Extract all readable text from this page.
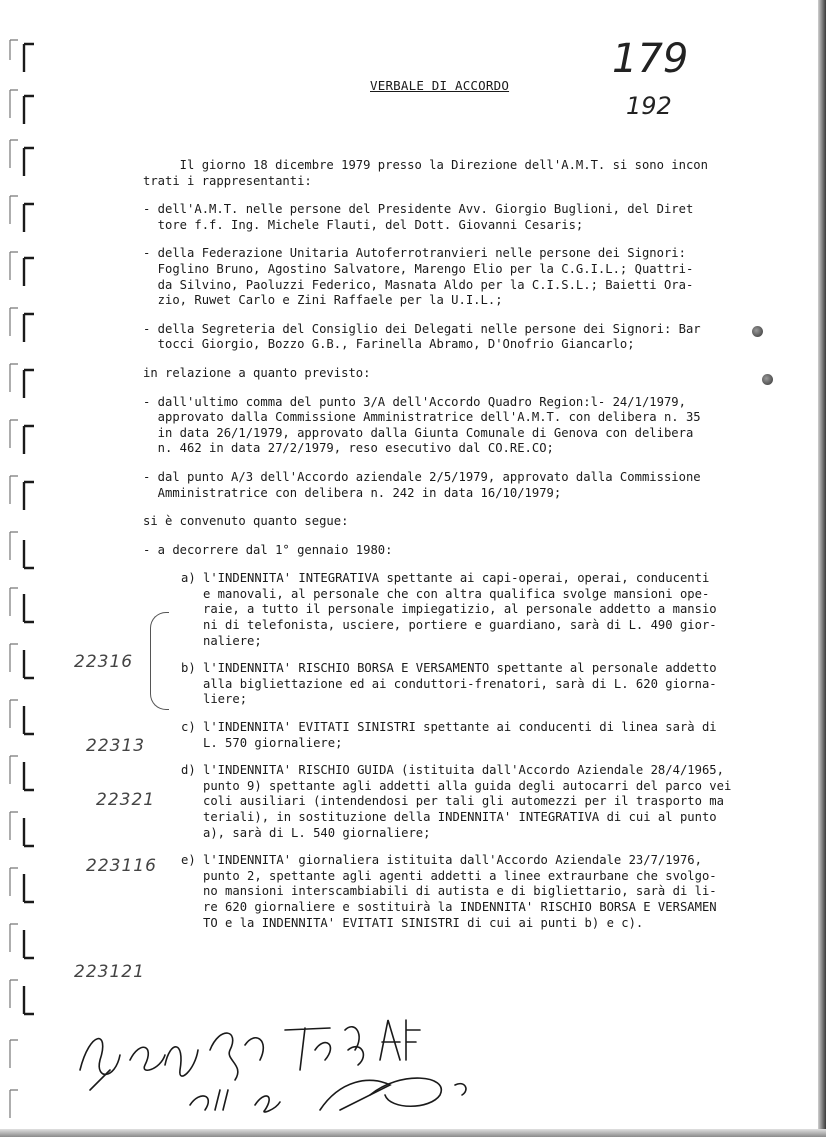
VERBALE DI ACCORDO
179
192

Il giorno 18 dicembre 1979 presso la Direzione dell'A.M.T. si sono incon
trati i rappresentanti:

- dell'A.M.T. nelle persone del Presidente Avv. Giorgio Buglioni, del Diret
tore f.f. Ing. Michele Flauti, del Dott. Giovanni Cesaris;

- della Federazione Unitaria Autoferrotranvieri nelle persone dei Signori:
Foglino Bruno, Agostino Salvatore, Marengo Elio per la C.G.I.L.; Quattri-
da Silvino, Paoluzzi Federico, Masnata Aldo per la C.I.S.L.; Baietti Ora-
zio, Ruwet Carlo e Zini Raffaele per la U.I.L.;

- della Segreteria del Consiglio dei Delegati nelle persone dei Signori: Bar
tocci Giorgio, Bozzo G.B., Farinella Abramo, D'Onofrio Giancarlo;

in relazione a quanto previsto:

- dall'ultimo comma del punto 3/A dell'Accordo Quadro Region:l- 24/1/1979,
approvato dalla Commissione Amministratrice dell'A.M.T. con delibera n. 35
in data 26/1/1979, approvato dalla Giunta Comunale di Genova con delibera
n. 462 in data 27/2/1979, reso esecutivo dal CO.RE.CO;

- dal punto A/3 dell'Accordo aziendale 2/5/1979, approvato dalla Commissione
Amministratrice con delibera n. 242 in data 16/10/1979;

si è convenuto quanto segue:

- a decorrere dal 1° gennaio 1980:

a) l'INDENNITA' INTEGRATIVA spettante ai capi-operai, operai, conducenti
e manovali, al personale che con altra qualifica svolge mansioni ope-
raie, a tutto il personale impiegatizio, al personale addetto a mansio
ni di telefonista, usciere, portiere e guardiano, sarà di L. 490 gior-
naliere;

b) l'INDENNITA' RISCHIO BORSA E VERSAMENTO spettante al personale addetto
alla bigliettazione ed ai conduttori-frenatori, sarà di L. 620 giorna-
liere;

c) l'INDENNITA' EVITATI SINISTRI spettante ai conducenti di linea sarà di
L. 570 giornaliere;

d) l'INDENNITA' RISCHIO GUIDA (istituita dall'Accordo Aziendale 28/4/1965,
punto 9) spettante agli addetti alla guida degli autocarri del parco vei
coli ausiliari (intendendosi per tali gli automezzi per il trasporto ma
teriali), in sostituzione della INDENNITA' INTEGRATIVA di cui al punto
a), sarà di L. 540 giornaliere;

e) l'INDENNITA' giornaliera istituita dall'Accordo Aziendale 23/7/1976,
punto 2, spettante agli agenti addetti a linee extraurbane che svolgo-
no mansioni interscambiabili di autista e di bigliettario, sarà di li-
re 620 giornaliere e sostituirà la INDENNITA' RISCHIO BORSA E VERSAMEN
TO e la INDENNITA' EVITATI SINISTRI di cui ai punti b) e c).

22316
22313
22321
223116
223121
